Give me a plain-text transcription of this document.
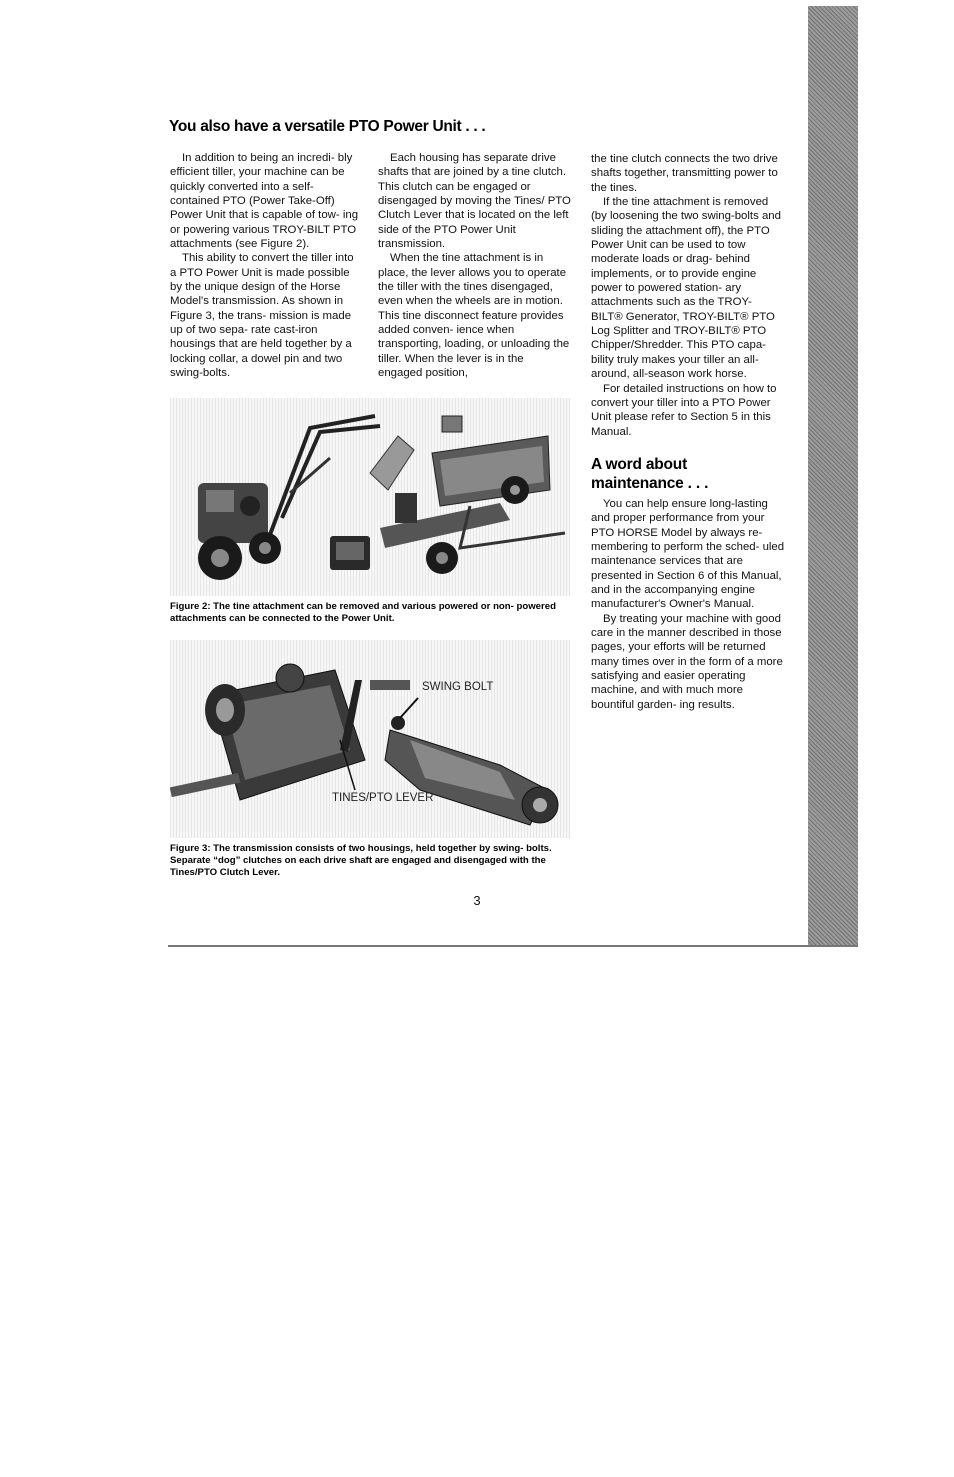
You also have a versatile PTO Power Unit . . .

In addition to being an incredi- bly efficient tiller, your machine can be quickly converted into a self- contained PTO (Power Take-Off) Power Unit that is capable of tow- ing or powering various TROY-BILT PTO attachments (see Figure 2).

This ability to convert the tiller into a PTO Power Unit is made possible by the unique design of the Horse Model's transmission. As shown in Figure 3, the trans- mission is made up of two sepa- rate cast-iron housings that are held together by a locking collar, a dowel pin and two swing-bolts.

Each housing has separate drive shafts that are joined by a tine clutch. This clutch can be engaged or disengaged by moving the Tines/ PTO Clutch Lever that is located on the left side of the PTO Power Unit transmission.

When the tine attachment is in place, the lever allows you to operate the tiller with the tines disengaged, even when the wheels are in motion. This tine disconnect feature provides added conven- ience when transporting, loading, or unloading the tiller. When the lever is in the engaged position,

the tine clutch connects the two drive shafts together, transmitting power to the tines.

If the tine attachment is removed (by loosening the two swing-bolts and sliding the attachment off), the PTO Power Unit can be used to tow moderate loads or drag- behind implements, or to provide engine power to powered station- ary attachments such as the TROY- BILT® Generator, TROY-BILT® PTO Log Splitter and TROY-BILT® PTO Chipper/Shredder. This PTO capa- bility truly makes your tiller an all- around, all-season work horse.

For detailed instructions on how to convert your tiller into a PTO Power Unit please refer to Section 5 in this Manual.

A word about
maintenance . . .

You can help ensure long-lasting and proper performance from your PTO HORSE Model by always re- membering to perform the sched- uled maintenance services that are presented in Section 6 of this Manual, and in the accompanying engine manufacturer's Owner's Manual.

By treating your machine with good care in the manner described in those pages, your efforts will be returned many times over in the form of a more satisfying and easier operating machine, and with much more bountiful garden- ing results.

Figure 2: The tine attachment can be removed and various powered or non- powered attachments can be connected to the Power Unit.

SWING BOLT
TINES/PTO LEVER

Figure 3: The transmission consists of two housings, held together by swing- bolts. Separate “dog” clutches on each drive shaft are engaged and disengaged with the Tines/PTO Clutch Lever.

3
